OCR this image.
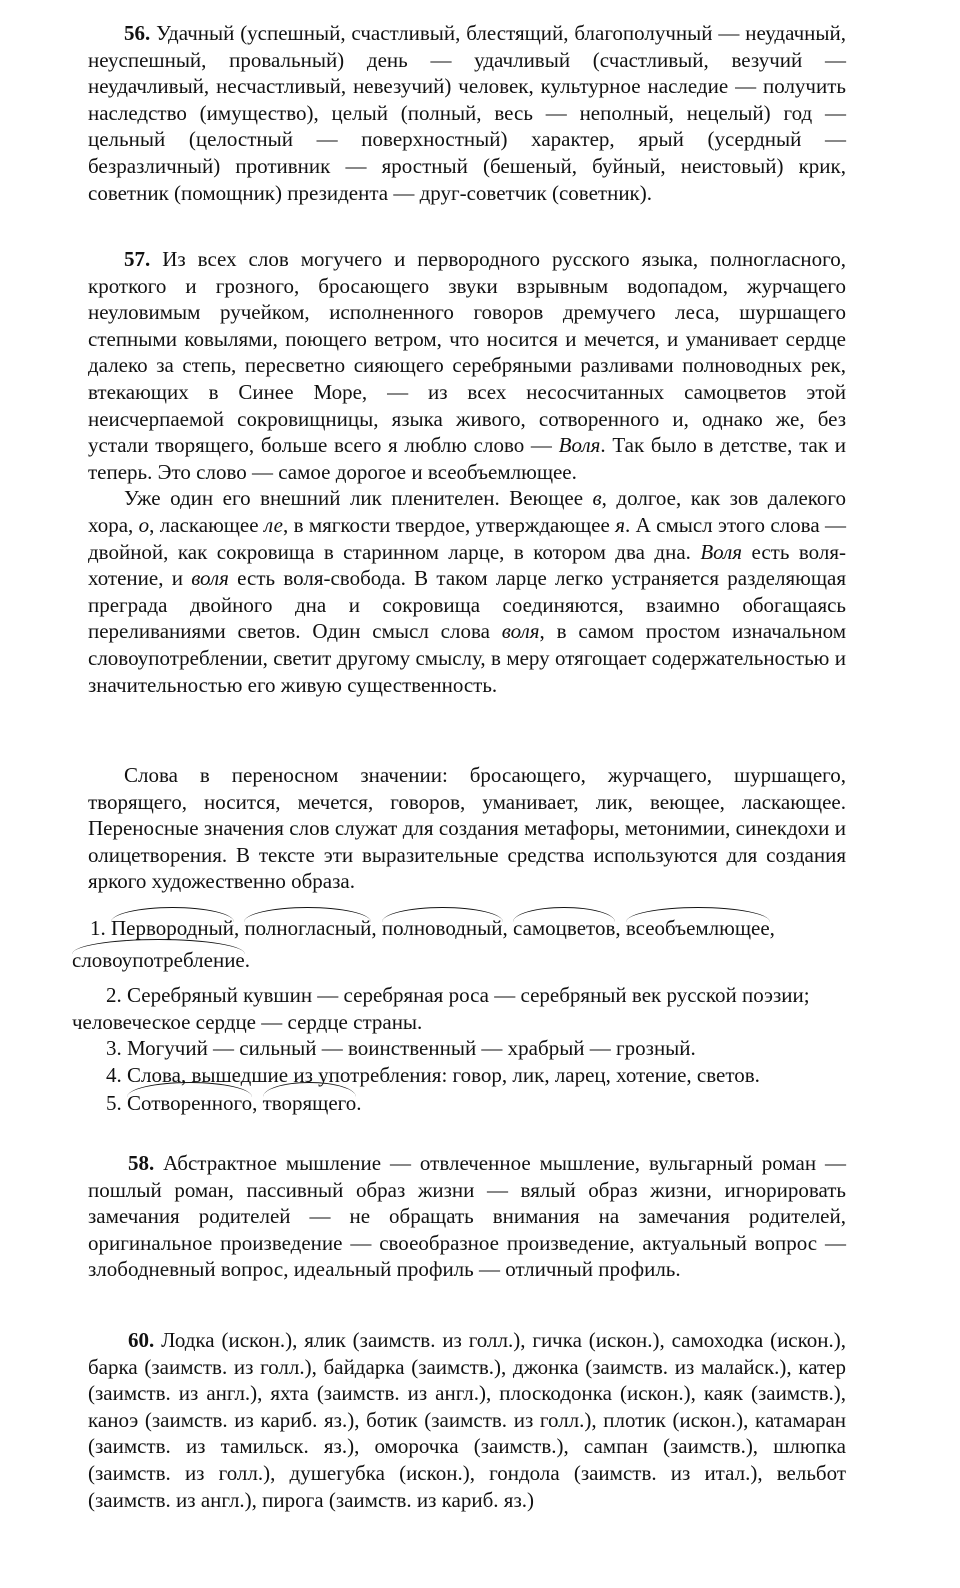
56. Удачный (успешный, счастливый, блестящий, благополучный — неудачный, неуспешный, провальный) день — удачливый (счастливый, везучий — неудачливый, несчастливый, невезучий) человек, культурное наследие — получить наследство (имущество), целый (полный, весь — неполный, нецелый) год — цельный (целостный — поверхностный) характер, ярый (усердный — безразличный) противник — яростный (бешеный, буйный, неистовый) крик, советник (помощник) президента — друг-советчик (советник).

57. Из всех слов могучего и первородного русского языка, полногласного, кроткого и грозного, бросающего звуки взрывным водопадом, журчащего неуловимым ручейком, исполненного говоров дремучего леса, шуршащего степными ковылями, поющего ветром, что носится и мечется, и уманивает сердце далеко за степь, пересветно сияющего серебряными разливами полноводных рек, втекающих в Синее Море, — из всех несосчитанных самоцветов этой неисчерпаемой сокровищницы, языка живого, сотворенного и, однако же, без устали творящего, больше всего я люблю слово — Воля. Так было в детстве, так и теперь. Это слово — самое дорогое и всеобъемлющее.

Уже один его внешний лик пленителен. Веющее в, долгое, как зов далекого хора, о, ласкающее ле, в мягкости твердое, утверждающее я. А смысл этого слова — двойной, как сокровища в старинном ларце, в котором два дна. Воля есть воля-хотение, и воля есть воля-свобода. В таком ларце легко устраняется разделяющая преграда двойного дна и сокровища соединяются, взаимно обогащаясь переливаниями светов. Один смысл слова воля, в самом простом изначальном словоупотреблении, светит другому смыслу, в меру отягощает содержательностью и значительностью его живую существенность.

Слова в переносном значении: бросающего, журчащего, шуршащего, творящего, носится, мечется, говоров, уманивает, лик, веющее, ласкающее. Переносные значения слов служат для создания метафоры, метонимии, синекдохи и олицетворения. В тексте эти выразительные средства используются для создания яркого художественно образа.

1. Первородный, полногласный, полноводный, самоцветов, всеобъемлющее, словоупотребление.

2. Серебряный кувшин — серебряная роса — серебряный век русской поэзии; человеческое сердце — сердце страны.

3. Могучий — сильный — воинственный — храбрый — грозный.

4. Слова, вышедшие из употребления: говор, лик, ларец, хотение, светов.

5. Сотворенного, творящего.

58. Абстрактное мышление — отвлеченное мышление, вульгарный роман — пошлый роман, пассивный образ жизни — вялый образ жизни, игнорировать замечания родителей — не обращать внимания на замечания родителей, оригинальное произведение — своеобразное произведение, актуальный вопрос — злободневный вопрос, идеальный профиль — отличный профиль.

60. Лодка (искон.), ялик (заимств. из голл.), гичка (искон.), самоходка (искон.), барка (заимств. из голл.), байдарка (заимств.), джонка (заимств. из малайск.), катер (заимств. из англ.), яхта (заимств. из англ.), плоскодонка (искон.), каяк (заимств.), каноэ (заимств. из кариб. яз.), ботик (заимств. из голл.), плотик (искон.), катамаран (заимств. из тамильск. яз.), оморочка (заимств.), сампан (заимств.), шлюпка (заимств. из голл.), душегубка (искон.), гондола (заимств. из итал.), вельбот (заимств. из англ.), пирога (заимств. из кариб. яз.)
